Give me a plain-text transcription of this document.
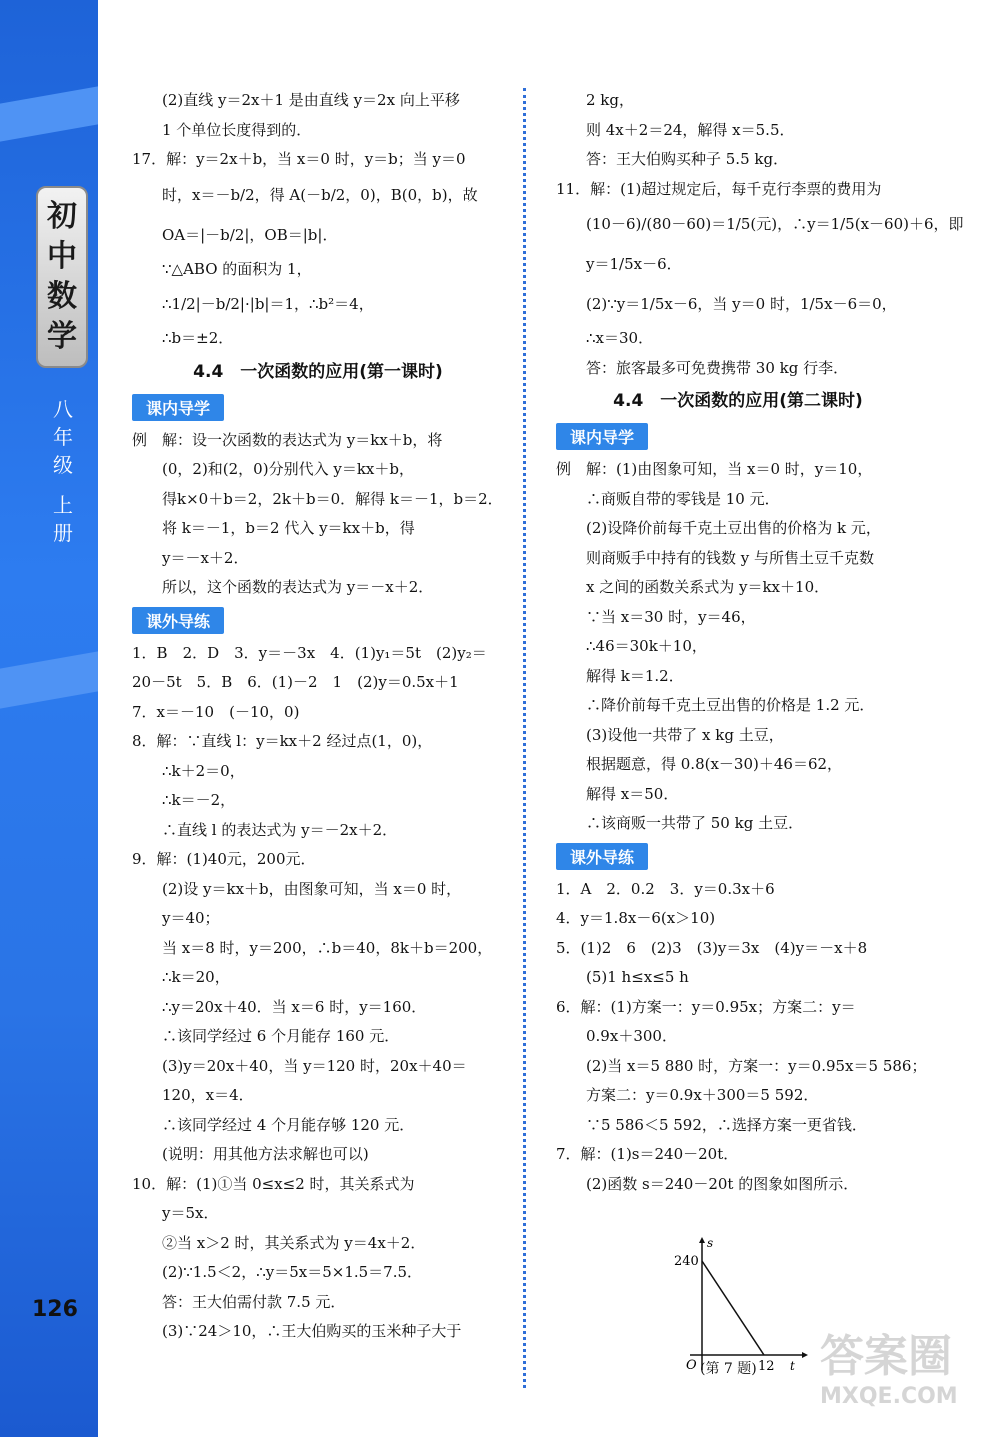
初
中
数
学
八
年
级
上
册
126
(2)直线 y＝2x＋1 是由直线 y＝2x 向上平移
1 个单位长度得到的．
17．解：y＝2x＋b，当 x＝0 时，y＝b；当 y＝0
时，x＝－b/2，得 A(－b/2，0)，B(0，b)，故
OA＝|－b/2|，OB＝|b|．
∵△ABO 的面积为 1，
∴1/2|－b/2|·|b|＝1，∴b²＝4，
∴b＝±2．
4.4　一次函数的应用(第一课时)
课内导学
例　解：设一次函数的表达式为 y＝kx＋b，将
(0，2)和(2，0)分别代入 y＝kx＋b，
得k×0＋b＝2，2k＋b＝0．解得 k＝－1，b＝2．
将 k＝－1，b＝2 代入 y＝kx＋b，得
y＝－x＋2．
所以，这个函数的表达式为 y＝－x＋2．
课外导练
1．B　2．D　3．y＝－3x　4．(1)y₁＝5t　(2)y₂＝
20－5t　5．B　6．(1)－2　1　(2)y＝0.5x＋1
7．x＝－10　(－10，0)
8．解：∵直线 l：y＝kx＋2 经过点(1，0)，
∴k＋2＝0，
∴k＝－2，
∴直线 l 的表达式为 y＝－2x＋2．
9．解：(1)40元，200元．
(2)设 y＝kx＋b，由图象可知，当 x＝0 时，
y＝40；
当 x＝8 时，y＝200，∴b＝40，8k＋b＝200，
∴k＝20，
∴y＝20x＋40．当 x＝6 时，y＝160．
∴该同学经过 6 个月能存 160 元．
(3)y＝20x＋40，当 y＝120 时，20x＋40＝
120，x＝4．
∴该同学经过 4 个月能存够 120 元．
(说明：用其他方法求解也可以)
10．解：(1)①当 0≤x≤2 时，其关系式为
y＝5x．
②当 x＞2 时，其关系式为 y＝4x＋2．
(2)∵1.5＜2，∴y＝5x＝5×1.5＝7.5．
答：王大伯需付款 7.5 元．
(3)∵24＞10，∴王大伯购买的玉米种子大于
2 kg，
则 4x＋2＝24，解得 x＝5.5．
答：王大伯购买种子 5.5 kg．
11．解：(1)超过规定后，每千克行李票的费用为
(10－6)/(80－60)＝1/5(元)，∴y＝1/5(x－60)＋6，即
y＝1/5x－6．
(2)∵y＝1/5x－6，当 y＝0 时，1/5x－6＝0，
∴x＝30．
答：旅客最多可免费携带 30 kg 行李．
4.4　一次函数的应用(第二课时)
课内导学
例　解：(1)由图象可知，当 x＝0 时，y＝10，
∴商贩自带的零钱是 10 元．
(2)设降价前每千克土豆出售的价格为 k 元，
则商贩手中持有的钱数 y 与所售土豆千克数
x 之间的函数关系式为 y＝kx＋10．
∵当 x＝30 时，y＝46，
∴46＝30k＋10，
解得 k＝1.2．
∴降价前每千克土豆出售的价格是 1.2 元．
(3)设他一共带了 x kg 土豆，
根据题意，得 0.8(x－30)＋46＝62，
解得 x＝50．
∴该商贩一共带了 50 kg 土豆．
课外导练
1．A　2．0.2　3．y＝0.3x＋6
4．y＝1.8x－6(x＞10)
5．(1)2　6　(2)3　(3)y＝3x　(4)y＝－x＋8
(5)1 h≤x≤5 h
6．解：(1)方案一：y＝0.95x；方案二：y＝
0.9x＋300．
(2)当 x＝5 880 时，方案一：y＝0.95x＝5 586；
方案二：y＝0.9x＋300＝5 592．
∵5 586＜5 592，∴选择方案一更省钱．
7．解：(1)s＝240－20t．
(2)函数 s＝240－20t 的图象如图所示．
s
t
O
240
12
(第 7 题) 答案圈
MXQE.COM
